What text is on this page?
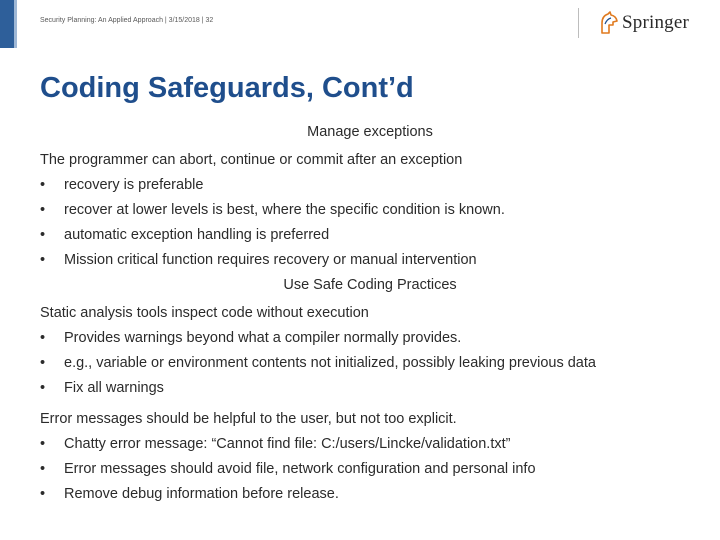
Security Planning: An Applied Approach | 3/15/2018 | 32	Springer
Coding Safeguards, Cont’d

Manage exceptions

The programmer can abort, continue or commit after an exception
• recovery is preferable
• recover at lower levels is best, where the specific condition is known.
• automatic exception handling is preferred
• Mission critical function requires recovery or manual intervention

Use Safe Coding Practices

Static analysis tools inspect code without execution
• Provides warnings beyond what a compiler normally provides.
• e.g., variable or environment contents not initialized, possibly leaking previous data
• Fix all warnings
Error messages should be helpful to the user, but not too explicit.
• Chatty error message: “Cannot find file: C:/users/Lincke/validation.txt”
• Error messages should avoid file, network configuration and personal info
• Remove debug information before release.
